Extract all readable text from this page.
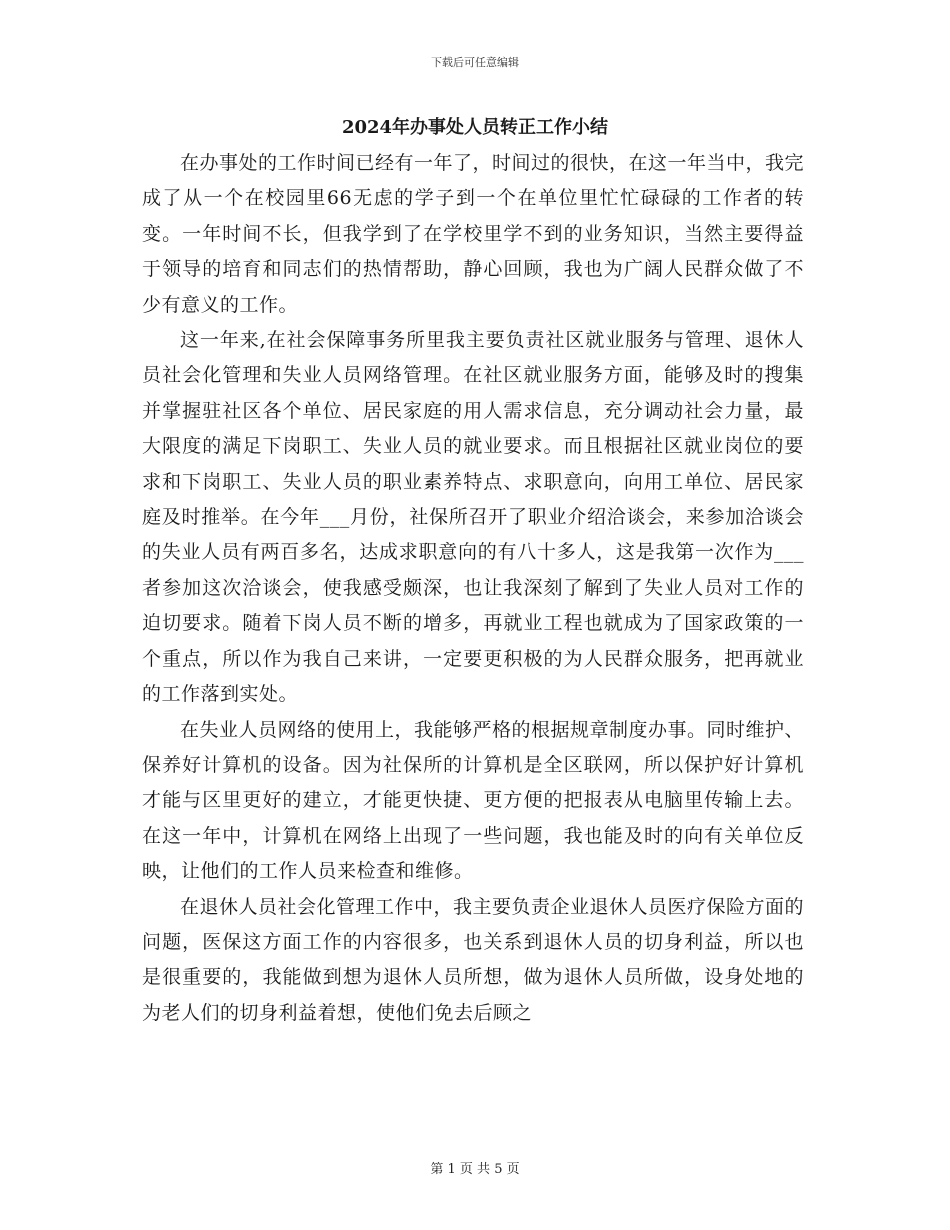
下载后可任意编辑
2024年办事处人员转正工作小结

在办事处的工作时间已经有一年了，时间过的很快，在这一年当中，我完成了从一个在校园里66无虑的学子到一个在单位里忙忙碌碌的工作者的转变。一年时间不长，但我学到了在学校里学不到的业务知识，当然主要得益于领导的培育和同志们的热情帮助，静心回顾，我也为广阔人民群众做了不少有意义的工作。

这一年来,在社会保障事务所里我主要负责社区就业服务与管理、退休人员社会化管理和失业人员网络管理。在社区就业服务方面，能够及时的搜集并掌握驻社区各个单位、居民家庭的用人需求信息，充分调动社会力量，最大限度的满足下岗职工、失业人员的就业要求。而且根据社区就业岗位的要求和下岗职工、失业人员的职业素养特点、求职意向，向用工单位、居民家庭及时推举。在今年___月份，社保所召开了职业介绍洽谈会，来参加洽谈会的失业人员有两百多名，达成求职意向的有八十多人，这是我第一次作为___者参加这次洽谈会，使我感受颇深，也让我深刻了解到了失业人员对工作的迫切要求。随着下岗人员不断的增多，再就业工程也就成为了国家政策的一个重点，所以作为我自己来讲，一定要更积极的为人民群众服务，把再就业的工作落到实处。

在失业人员网络的使用上，我能够严格的根据规章制度办事。同时维护、保养好计算机的设备。因为社保所的计算机是全区联网，所以保护好计算机才能与区里更好的建立，才能更快捷、更方便的把报表从电脑里传输上去。在这一年中，计算机在网络上出现了一些问题，我也能及时的向有关单位反映，让他们的工作人员来检查和维修。

在退休人员社会化管理工作中，我主要负责企业退休人员医疗保险方面的问题，医保这方面工作的内容很多，也关系到退休人员的切身利益，所以也是很重要的，我能做到想为退休人员所想，做为退休人员所做，设身处地的为老人们的切身利益着想，使他们免去后顾之

第 1 页 共 5 页
